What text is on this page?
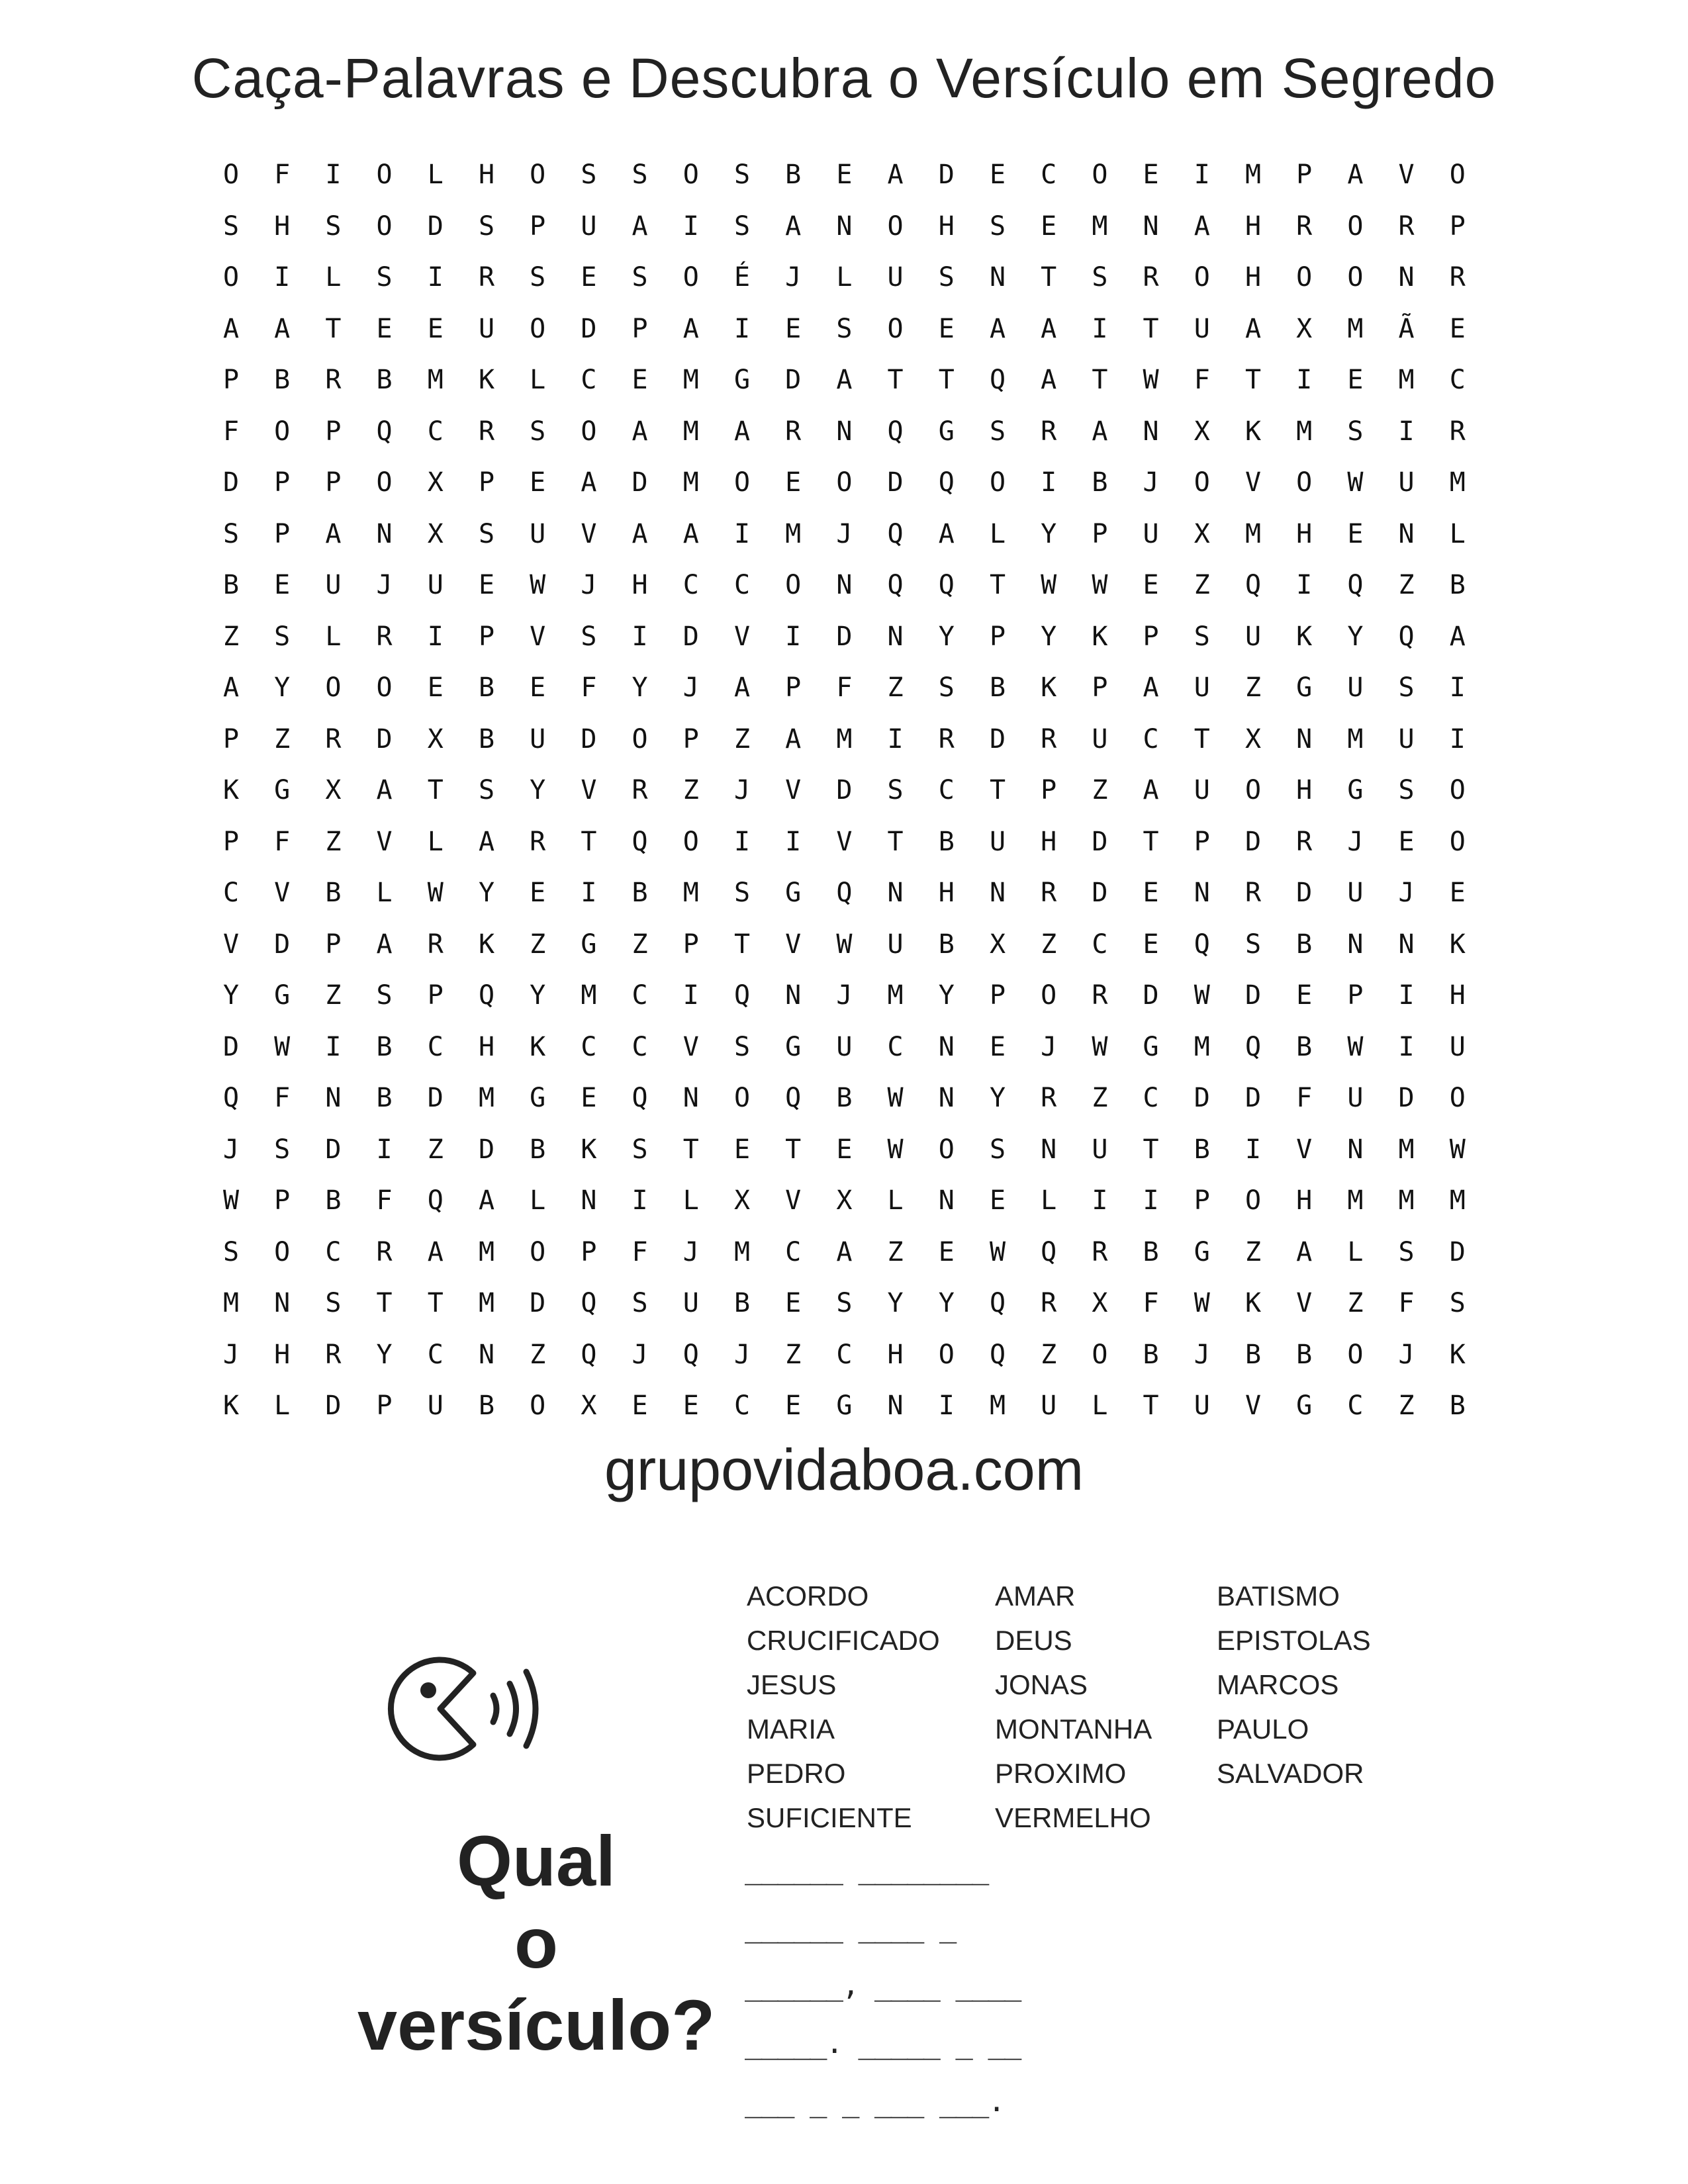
Caça-Palavras e Descubra o Versículo em Segredo
O	F	I	O	L	H	O	S	S	O	S	B	E	A	D	E	C	O	E	I	M	P	A	V	O
S	H	S	O	D	S	P	U	A	I	S	A	N	O	H	S	E	M	N	A	H	R	O	R	P
O	I	L	S	I	R	S	E	S	O	É	J	L	U	S	N	T	S	R	O	H	O	O	N	R
A	A	T	E	E	U	O	D	P	A	I	E	S	O	E	A	A	I	T	U	A	X	M	Ã	E
P	B	R	B	M	K	L	C	E	M	G	D	A	T	T	Q	A	T	W	F	T	I	E	M	C
F	O	P	Q	C	R	S	O	A	M	A	R	N	Q	G	S	R	A	N	X	K	M	S	I	R
D	P	P	O	X	P	E	A	D	M	O	E	O	D	Q	O	I	B	J	O	V	O	W	U	M
S	P	A	N	X	S	U	V	A	A	I	M	J	Q	A	L	Y	P	U	X	M	H	E	N	L
B	E	U	J	U	E	W	J	H	C	C	O	N	Q	Q	T	W	W	E	Z	Q	I	Q	Z	B
Z	S	L	R	I	P	V	S	I	D	V	I	D	N	Y	P	Y	K	P	S	U	K	Y	Q	A
A	Y	O	O	E	B	E	F	Y	J	A	P	F	Z	S	B	K	P	A	U	Z	G	U	S	I
P	Z	R	D	X	B	U	D	O	P	Z	A	M	I	R	D	R	U	C	T	X	N	M	U	I
K	G	X	A	T	S	Y	V	R	Z	J	V	D	S	C	T	P	Z	A	U	O	H	G	S	O
P	F	Z	V	L	A	R	T	Q	O	I	I	V	T	B	U	H	D	T	P	D	R	J	E	O
C	V	B	L	W	Y	E	I	B	M	S	G	Q	N	H	N	R	D	E	N	R	D	U	J	E
V	D	P	A	R	K	Z	G	Z	P	T	V	W	U	B	X	Z	C	E	Q	S	B	N	N	K
Y	G	Z	S	P	Q	Y	M	C	I	Q	N	J	M	Y	P	O	R	D	W	D	E	P	I	H
D	W	I	B	C	H	K	C	C	V	S	G	U	C	N	E	J	W	G	M	Q	B	W	I	U
Q	F	N	B	D	M	G	E	Q	N	O	Q	B	W	N	Y	R	Z	C	D	D	F	U	D	O
J	S	D	I	Z	D	B	K	S	T	E	T	E	W	O	S	N	U	T	B	I	V	N	M	W
W	P	B	F	Q	A	L	N	I	L	X	V	X	L	N	E	L	I	I	P	O	H	M	M	M
S	O	C	R	A	M	O	P	F	J	M	C	A	Z	E	W	Q	R	B	G	Z	A	L	S	D
M	N	S	T	T	M	D	Q	S	U	B	E	S	Y	Y	Q	R	X	F	W	K	V	Z	F	S
J	H	R	Y	C	N	Z	Q	J	Q	J	Z	C	H	O	Q	Z	O	B	J	B	B	O	J	K
K	L	D	P	U	B	O	X	E	E	C	E	G	N	I	M	U	L	T	U	V	G	C	Z	B
grupovidaboa.com
Qual
o
versículo?
ACORDO	AMAR	BATISMO
CRUCIFICADO	DEUS	EPISTOLAS
JESUS	JONAS	MARCOS
MARIA	MONTANHA	PAULO
PEDRO	PROXIMO	SALVADOR
SUFICIENTE	VERMELHO
______ ________
______ ____ _
______, ____ ____
_____. _____ _ __
___ _ _ ___ ___.
